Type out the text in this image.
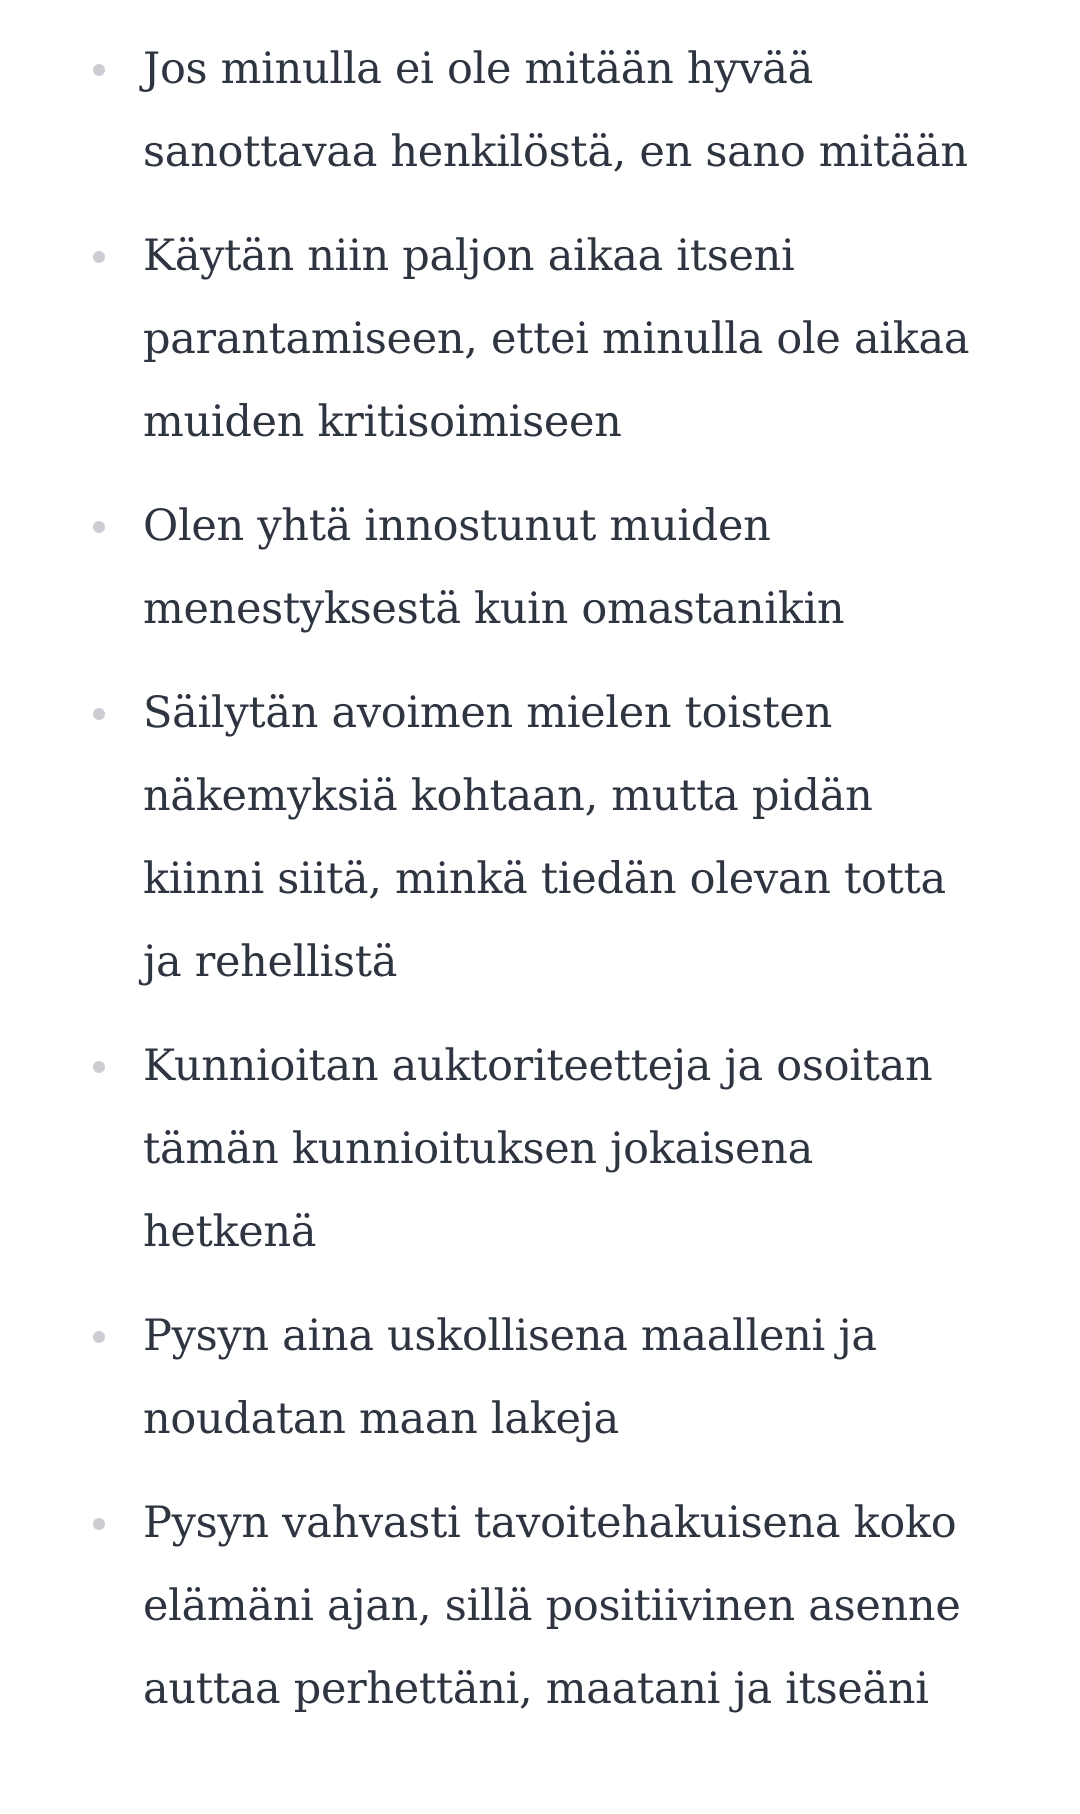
Jos minulla ei ole mitään hyvää
sanottavaa henkilöstä, en sano mitään
Käytän niin paljon aikaa itseni
parantamiseen, ettei minulla ole aikaa
muiden kritisoimiseen
Olen yhtä innostunut muiden
menestyksestä kuin omastanikin
Säilytän avoimen mielen toisten
näkemyksiä kohtaan, mutta pidän
kiinni siitä, minkä tiedän olevan totta
ja rehellistä
Kunnioitan auktoriteetteja ja osoitan
tämän kunnioituksen jokaisena
hetkenä
Pysyn aina uskollisena maalleni ja
noudatan maan lakeja
Pysyn vahvasti tavoitehakuisena koko
elämäni ajan, sillä positiivinen asenne
auttaa perhettäni, maatani ja itseäni
